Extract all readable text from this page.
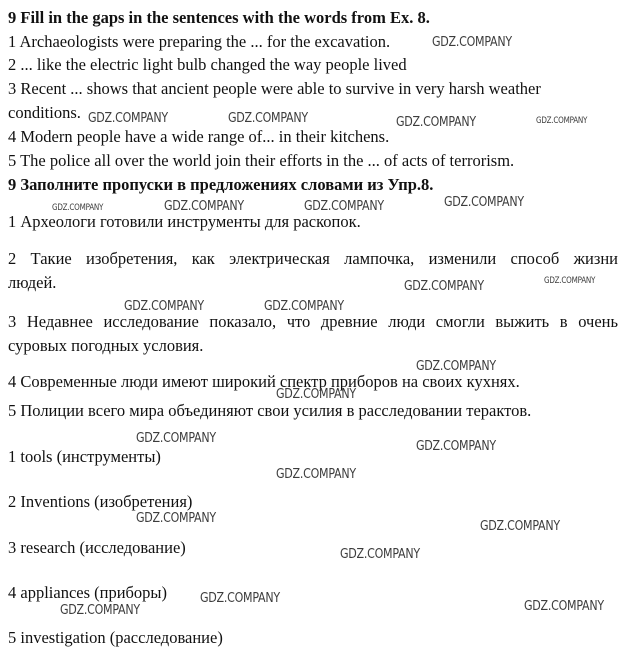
9 Fill in the gaps in the sentences with the words from Ex. 8.
1 Archaeologists were preparing the ... for the excavation.
2 ... like the electric light bulb changed the way people lived
3 Recent ... shows that ancient people were able to survive in very harsh weather
conditions.
4 Modern people have a wide range of... in their kitchens.
5 The police all over the world join their efforts in the ... of acts of terrorism.
9 Заполните пропуски в предложениях словами из Упр.8.
1 Археологи готовили инструменты для раскопок.
2 Такие изобретения, как электрическая лампочка, изменили способ жизни
людей.
3 Недавнее исследование показало, что древние люди смогли выжить в очень
суровых погодных условия.
4 Современные люди имеют широкий спектр приборов на своих кухнях.
5 Полиции всего мира объединяют свои усилия в расследовании терактов.
1 tools (инструменты)
2 Inventions (изобретения)
3 research (исследование)
4 appliances (приборы)
5 investigation (расследование)
GDZ.COMPANY
GDZ.COMPANY	GDZ.COMPANY	GDZ.COMPANY	GDZ.COMPANY
GDZ.COMPANY	GDZ.COMPANY	GDZ.COMPANY	GDZ.COMPANY
GDZ.COMPANY	GDZ.COMPANY
GDZ.COMPANY	GDZ.COMPANY
GDZ.COMPANY
GDZ.COMPANY
GDZ.COMPANY
GDZ.COMPANY
GDZ.COMPANY
GDZ.COMPANY
GDZ.COMPANY
GDZ.COMPANY
GDZ.COMPANY
GDZ.COMPANY
GDZ.COMPANY
